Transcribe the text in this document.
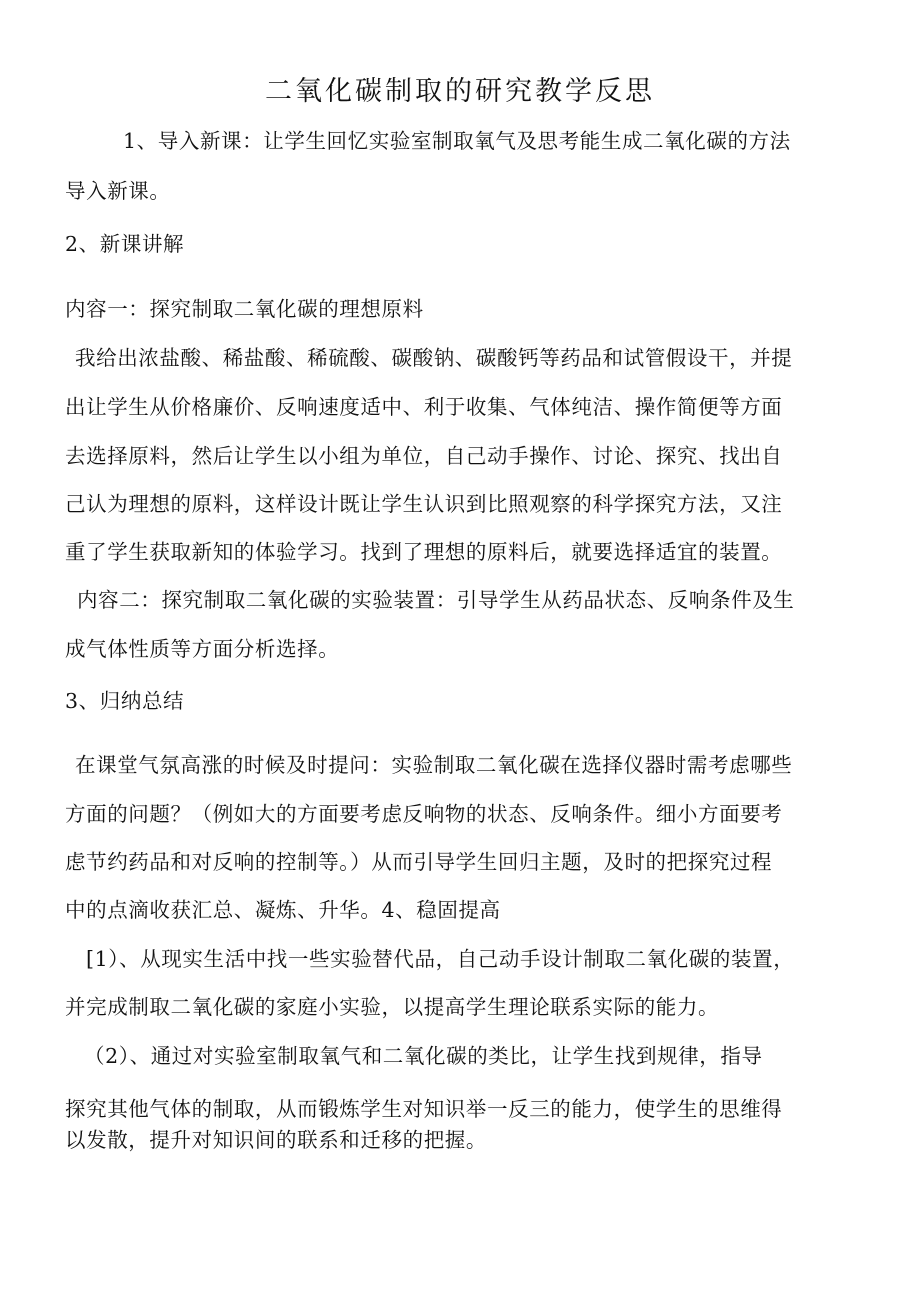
二氧化碳制取的研究教学反思
1、导入新课：让学生回忆实验室制取氧气及思考能生成二氧化碳的方法
导入新课。
2、新课讲解
内容一：探究制取二氧化碳的理想原料
我给出浓盐酸、稀盐酸、稀硫酸、碳酸钠、碳酸钙等药品和试管假设干，并提
出让学生从价格廉价、反响速度适中、利于收集、气体纯洁、操作简便等方面
去选择原料，然后让学生以小组为单位，自己动手操作、讨论、探究、找出自
己认为理想的原料，这样设计既让学生认识到比照观察的科学探究方法，又注
重了学生获取新知的体验学习。找到了理想的原料后，就要选择适宜的装置。
内容二：探究制取二氧化碳的实验装置：引导学生从药品状态、反响条件及生
成气体性质等方面分析选择。
3、归纳总结
在课堂气氛高涨的时候及时提问：实验制取二氧化碳在选择仪器时需考虑哪些
方面的问题？（例如大的方面要考虑反响物的状态、反响条件。细小方面要考
虑节约药品和对反响的控制等。）从而引导学生回归主题，及时的把探究过程
中的点滴收获汇总、凝炼、升华。4、稳固提高
[1）、从现实生活中找一些实验替代品，自己动手设计制取二氧化碳的装置，
并完成制取二氧化碳的家庭小实验，以提高学生理论联系实际的能力。
（2）、通过对实验室制取氧气和二氧化碳的类比，让学生找到规律，指导
探究其他气体的制取，从而锻炼学生对知识举一反三的能力，使学生的思维得
以发散，提升对知识间的联系和迁移的把握。
